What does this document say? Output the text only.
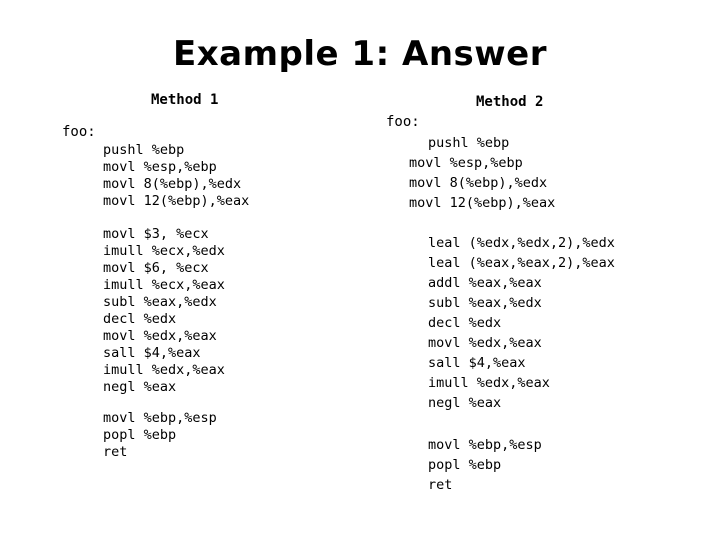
Example 1: Answer
Method 1
foo:
pushl %ebp
movl %esp,%ebp
movl 8(%ebp),%edx
movl 12(%ebp),%eax
movl $3, %ecx
imull %ecx,%edx
movl $6, %ecx
imull %ecx,%eax
subl %eax,%edx
decl %edx
movl %edx,%eax
sall $4,%eax
imull %edx,%eax
negl %eax
movl %ebp,%esp
popl %ebp
ret
Method 2
foo:
pushl %ebp
movl %esp,%ebp
movl 8(%ebp),%edx
movl 12(%ebp),%eax
leal (%edx,%edx,2),%edx
leal (%eax,%eax,2),%eax
addl %eax,%eax
subl %eax,%edx
decl %edx
movl %edx,%eax
sall $4,%eax
imull %edx,%eax
negl %eax
movl %ebp,%esp
popl %ebp
ret
